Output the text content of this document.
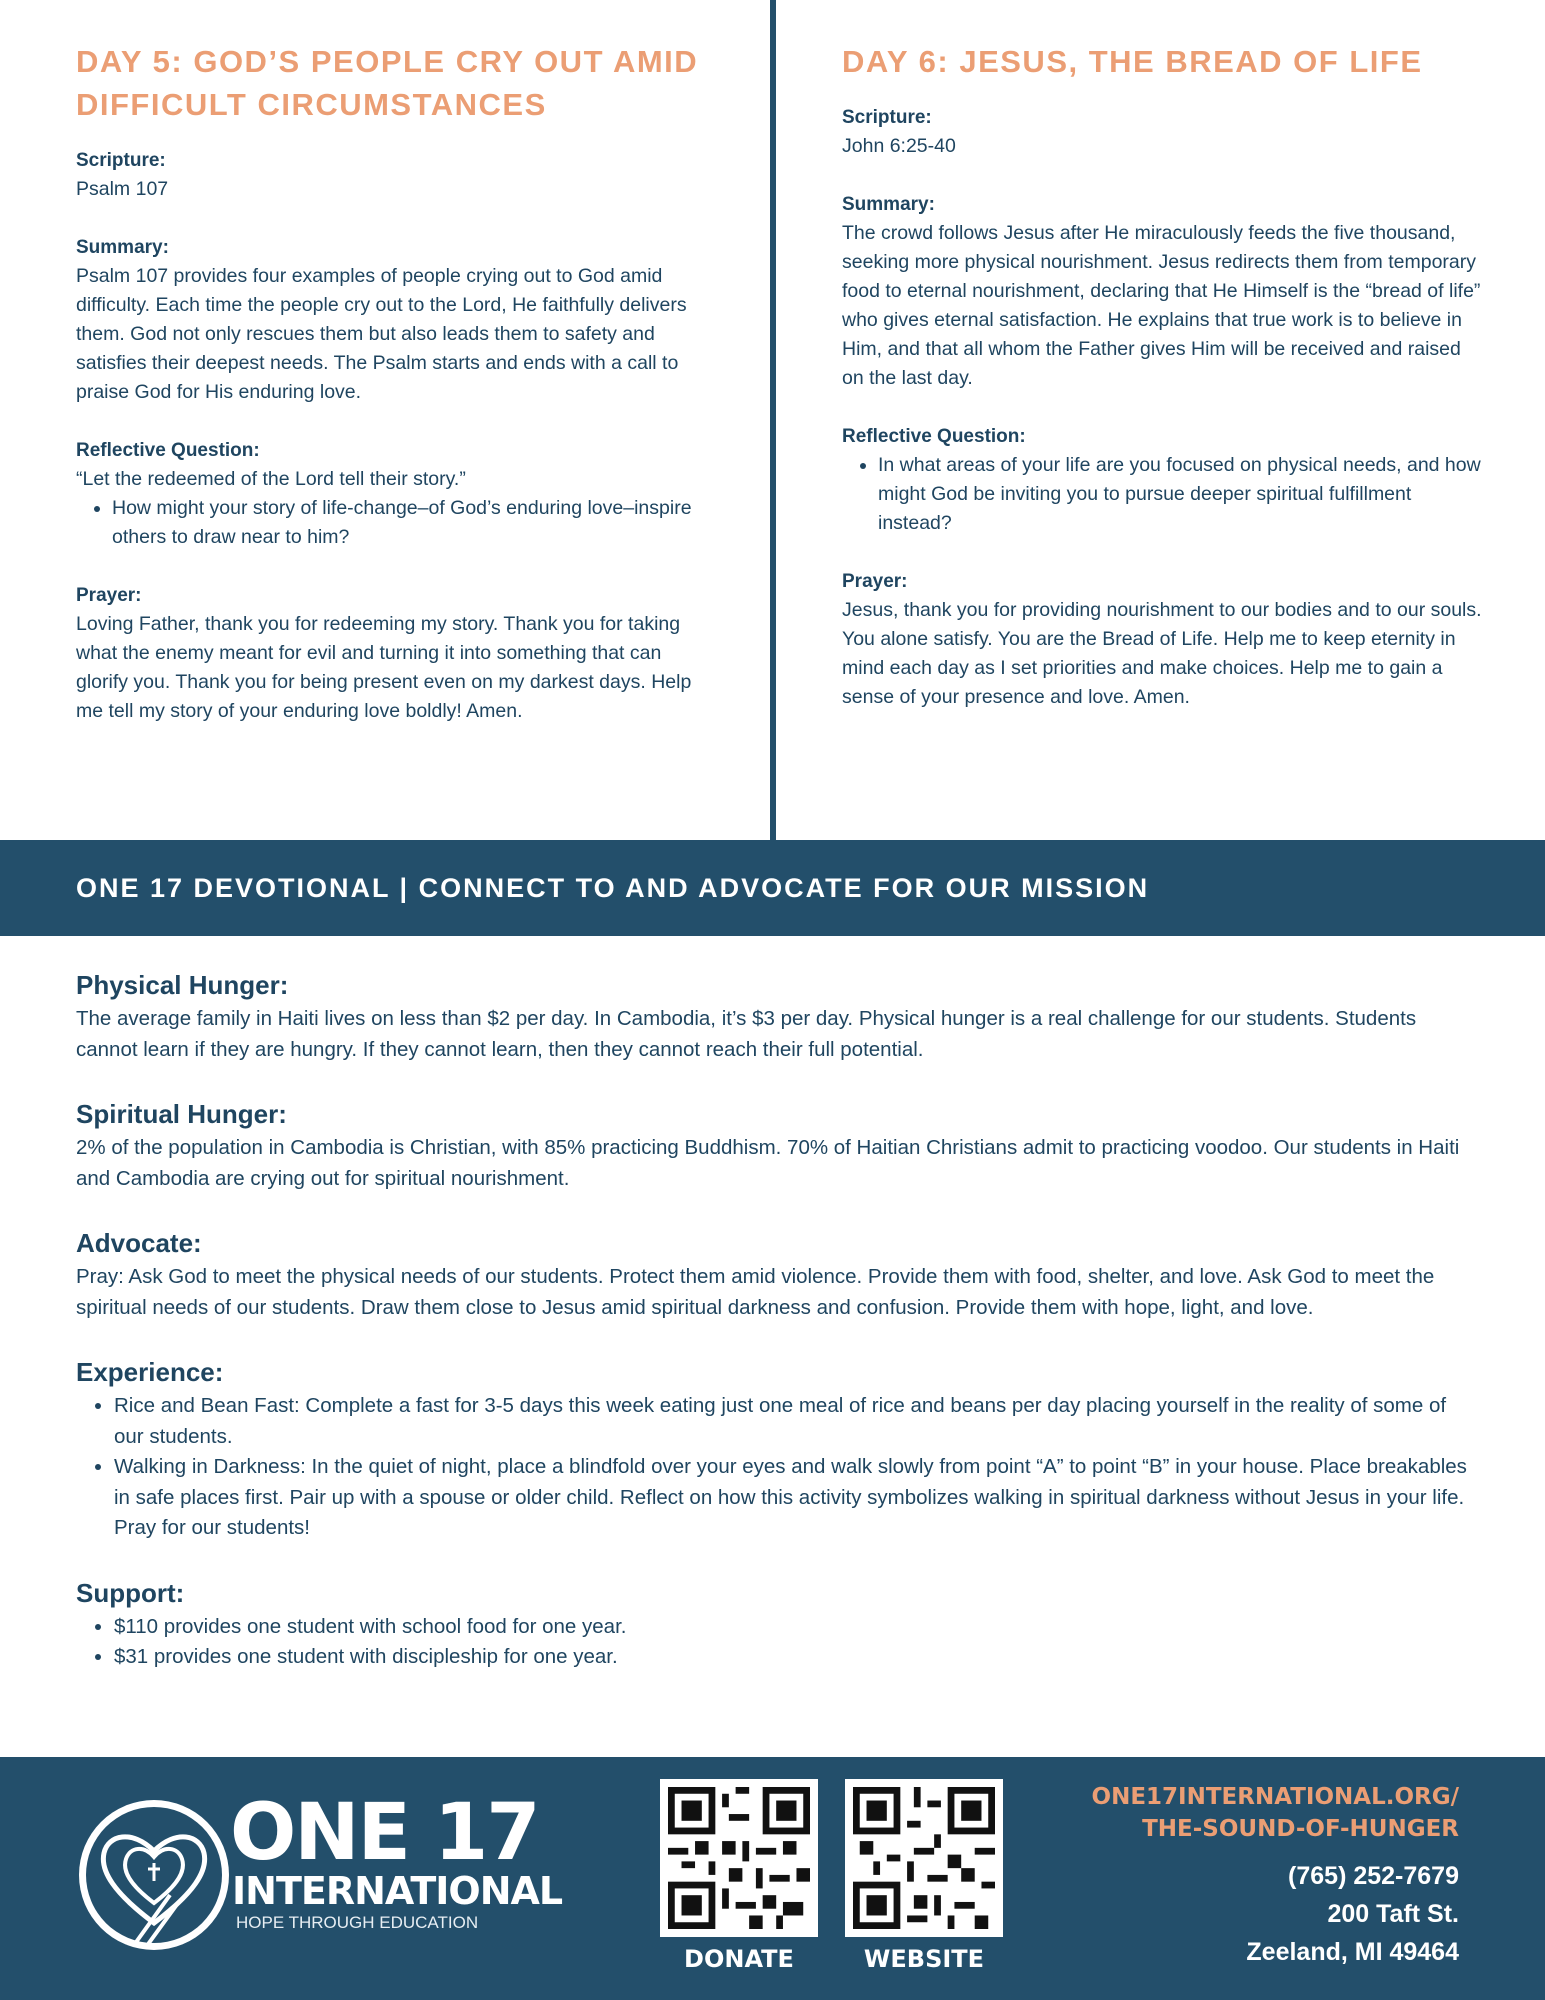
DAY 5: GOD’S PEOPLE CRY OUT AMID DIFFICULT CIRCUMSTANCES

Scripture:

Psalm 107

Summary:

Psalm 107 provides four examples of people crying out to God amid difficulty. Each time the people cry out to the Lord, He faithfully delivers them. God not only rescues them but also leads them to safety and satisfies their deepest needs. The Psalm starts and ends with a call to praise God for His enduring love.

Reflective Question:

“Let the redeemed of the Lord tell their story.”

• How might your story of life-change–of God’s enduring love–inspire others to draw near to him?

Prayer:

Loving Father, thank you for redeeming my story. Thank you for taking what the enemy meant for evil and turning it into something that can glorify you. Thank you for being present even on my darkest days. Help me tell my story of your enduring love boldly! Amen.

DAY 6: JESUS, THE BREAD OF LIFE

Scripture:

John 6:25-40

Summary:

The crowd follows Jesus after He miraculously feeds the five thousand, seeking more physical nourishment. Jesus redirects them from temporary food to eternal nourishment, declaring that He Himself is the “bread of life” who gives eternal satisfaction. He explains that true work is to believe in Him, and that all whom the Father gives Him will be received and raised on the last day.

Reflective Question:

• In what areas of your life are you focused on physical needs, and how might God be inviting you to pursue deeper spiritual fulfillment instead?

Prayer:

Jesus, thank you for providing nourishment to our bodies and to our souls. You alone satisfy. You are the Bread of Life. Help me to keep eternity in mind each day as I set priorities and make choices. Help me to gain a sense of your presence and love. Amen.

ONE 17 DEVOTIONAL | CONNECT TO AND ADVOCATE FOR OUR MISSION

Physical Hunger:

The average family in Haiti lives on less than $2 per day. In Cambodia, it’s $3 per day. Physical hunger is a real challenge for our students. Students cannot learn if they are hungry. If they cannot learn, then they cannot reach their full potential.

Spiritual Hunger:

2% of the population in Cambodia is Christian, with 85% practicing Buddhism. 70% of Haitian Christians admit to practicing voodoo. Our students in Haiti and Cambodia are crying out for spiritual nourishment.

Advocate:

Pray: Ask God to meet the physical needs of our students. Protect them amid violence. Provide them with food, shelter, and love. Ask God to meet the spiritual needs of our students. Draw them close to Jesus amid spiritual darkness and confusion. Provide them with hope, light, and love.

Experience:

• Rice and Bean Fast: Complete a fast for 3-5 days this week eating just one meal of rice and beans per day placing yourself in the reality of some of our students.
• Walking in Darkness: In the quiet of night, place a blindfold over your eyes and walk slowly from point “A” to point “B” in your house. Place breakables in safe places first. Pair up with a spouse or older child. Reflect on how this activity symbolizes walking in spiritual darkness without Jesus in your life. Pray for our students!

Support:

• $110 provides one student with school food for one year.
• $31 provides one student with discipleship for one year.
ONE 17
INTERNATIONAL
HOPE THROUGH EDUCATION
DONATE	WEBSITE

ONE17INTERNATIONAL.ORG/

THE-SOUND-OF-HUNGER

(765) 252-7679

200 Taft St.

Zeeland, MI 49464
